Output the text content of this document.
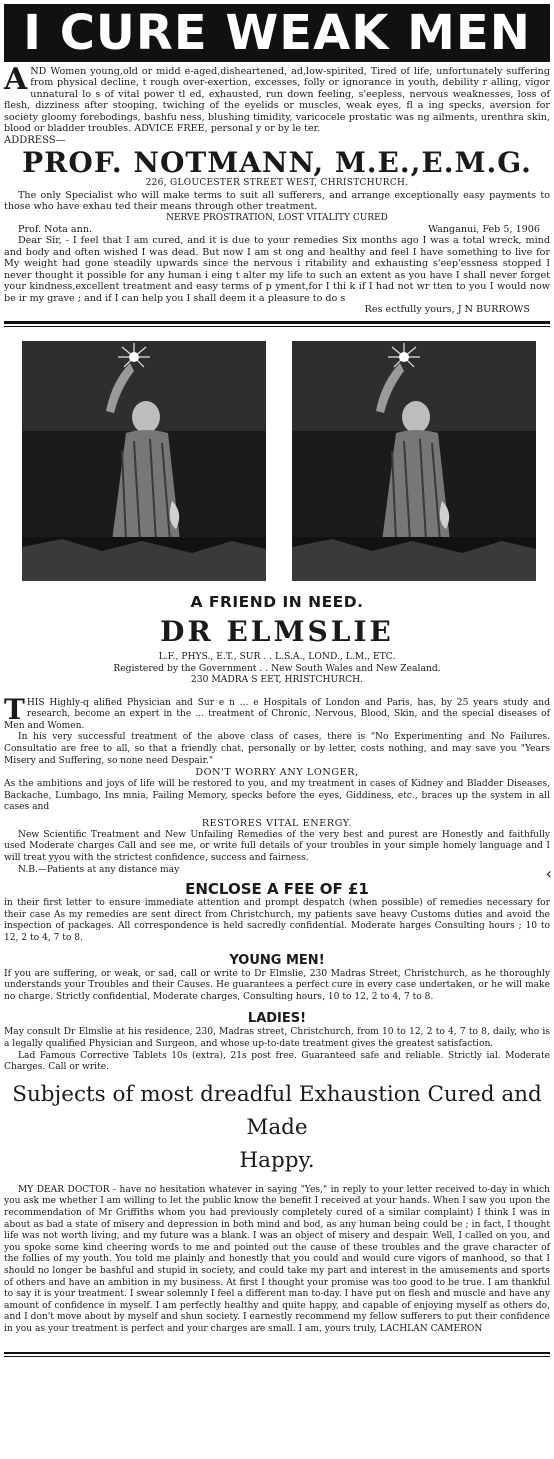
I CURE WEAK MEN

AND Women young,old or midd e-aged,disheartened, ad,low-spirited, Tired of life, unfortunately suffering from physical decline, t rough over-exertion, excesses, folly or ignorance in youth, debility r alling, vigor unnatural lo s of vital power tl ed, exhausted, run down feeling, s'eepless, nervous weaknesses, loss of flesh, dizziness after stooping, twiching of the eyelids or muscles, weak eyes, fl a ing specks, aversion for society gloomy forebodings, bashfu ness, blushing timidity, varicocele prostatic was ng ailments, urenthra skin, blood or bladder troubles. ADVICE FREE, personal y or by le ter.

ADDRESS—
PROF. NOTMANN, M.E.,E.M.G.
226, GLOUCESTER STREET WEST, CHRISTCHURCH.

The only Specialist who will make terms to suit all sufferers, and arrange exceptionally easy payments to those who have exhau ted their means through other treatment.

NERVE PROSTRATION, LOST VITALITY CURED
Prof. Nota ann.	Wanganui, Feb 5, 1906

Dear Sir, - I feel that I am cured, and it is due to your remedies Six months ago I was a total wreck, mind and body and often wished I was dead. But now I am st ong and healthy and feel I have something to live for My weight had gone steadily upwards since the nervous i ritability and exhausting s'eep'essness stopped I never thought it possible for any human i eing t alter my life to such an extent as you have I shall never forget your kindness,excellent treatment and easy terms of p yment,for I thi k if I had not wr tten to you I would now be ir my grave ; and if I can help you I shall deem it a pleasure to do s

Res ectfully yours, J N BURROWS
A FRIEND IN NEED.
DR ELMSLIE
L.F., PHYS., E.T., SUR . . L.S.A., LOND., L.M., ETC.
Registered by the Government . . New South Wales and New Zealand.
230 MADRA S EET, HRISTCHURCH.

THIS Highly-q alified Physician and Sur e n ... e Hospitals of London and Paris, has, by 25 years study and research, become an expert in the ... treatment of Chronic, Nervous, Blood, Skin, and the special diseases of Men and Women.

In his very successful treatment of the above class of cases, there is "No Experimenting and No Failures. Consultatio are free to all, so that a friendly chat, personally or by letter, costs nothing, and may save you "Years Misery and Suffering, so none need Despair."

DON'T WORRY ANY LONGER,

As the ambitions and joys of life will be restored to you, and my treatment in cases of Kidney and Bladder Diseases, Backache, Lumbago, Ins mnia, Failing Memory, specks before the eyes, Giddiness, etc., braces up the system in all cases and

RESTORES VITAL ENERGY.

New Scientific Treatment and New Unfailing Remedies of the very best and purest are Honestly and faithfully used Moderate charges Call and see me, or write full details of your troubles in your simple homely language and I will treat yyou with the strictest confidence, success and fairness.

N.B.—Patients at any distance may

ENCLOSE A FEE OF £1

in their first letter to ensure immediate attention and prompt despatch (when possible) of remedies necessary for their case As my remedies are sent direct from Christchurch, my patients save heavy Customs duties and avoid the inspection of packages. All correspondence is held sacredly confidential. Moderate harges Consulting hours ; 10 to 12, 2 to 4, 7 to 8.

YOUNG MEN!

If you are suffering, or weak, or sad, call or write to Dr Elmslie, 230 Madras Street, Christchurch, as he thoroughly understands your Troubles and their Causes. He guarantees a perfect cure in every case undertaken, or he will make no charge. Strictly confidential, Moderate charges, Consulting hours, 10 to 12, 2 to 4, 7 to 8.

LADIES!

May consult Dr Elmslie at his residence, 230, Madras street, Christchurch, from 10 to 12, 2 to 4, 7 to 8, daily, who is a legally qualified Physician and Surgeon, and whose up-to-date treatment gives the greatest satisfaction.

Lad Famous Corrective Tablets 10s (extra), 21s post free. Guaranteed safe and reliable. Strictly ial. Moderate Charges. Call or write.

Subjects of most dreadful Exhaustion Cured and Made
Happy.

MY DEAR DOCTOR - have no hesitation whatever in saying "Yes," in reply to your letter received to-day in which you ask me whether I am willing to let the public know the benefit I received at your hands. When I saw you upon the recommendation of Mr Griffiths whom you had previously completely cured of a similar complaint) I think I was in about as bad a state of misery and depression in both mind and bod, as any human being could be ; in fact, I thought life was not worth living, and my future was a blank. I was an object of misery and despair. Well, I called on you, and you spoke some kind cheering words to me and pointed out the cause of these troubles and the grave character of the follies of my youth. You told me plainly and honestly that you could and would cure vigors of manhood, so that I should no longer be bashful and stupid in society, and could take my part and interest in the amusements and sports of others and have an ambition in my business. At first I thought your promise was too good to be true. I am thankful to say it is your treatment. I swear solemnly I feel a different man to-day. I have put on flesh and muscle and have any amount of confidence in myself. I am perfectly healthy and quite happy, and capable of enjoying myself as others do, and I don't move about by myself and shun society. I earnestly recommend my fellow sufferers to put their confidence in you as your treatment is perfect and your charges are small. I am, yours truly, LACHLAN CAMERON

‹
